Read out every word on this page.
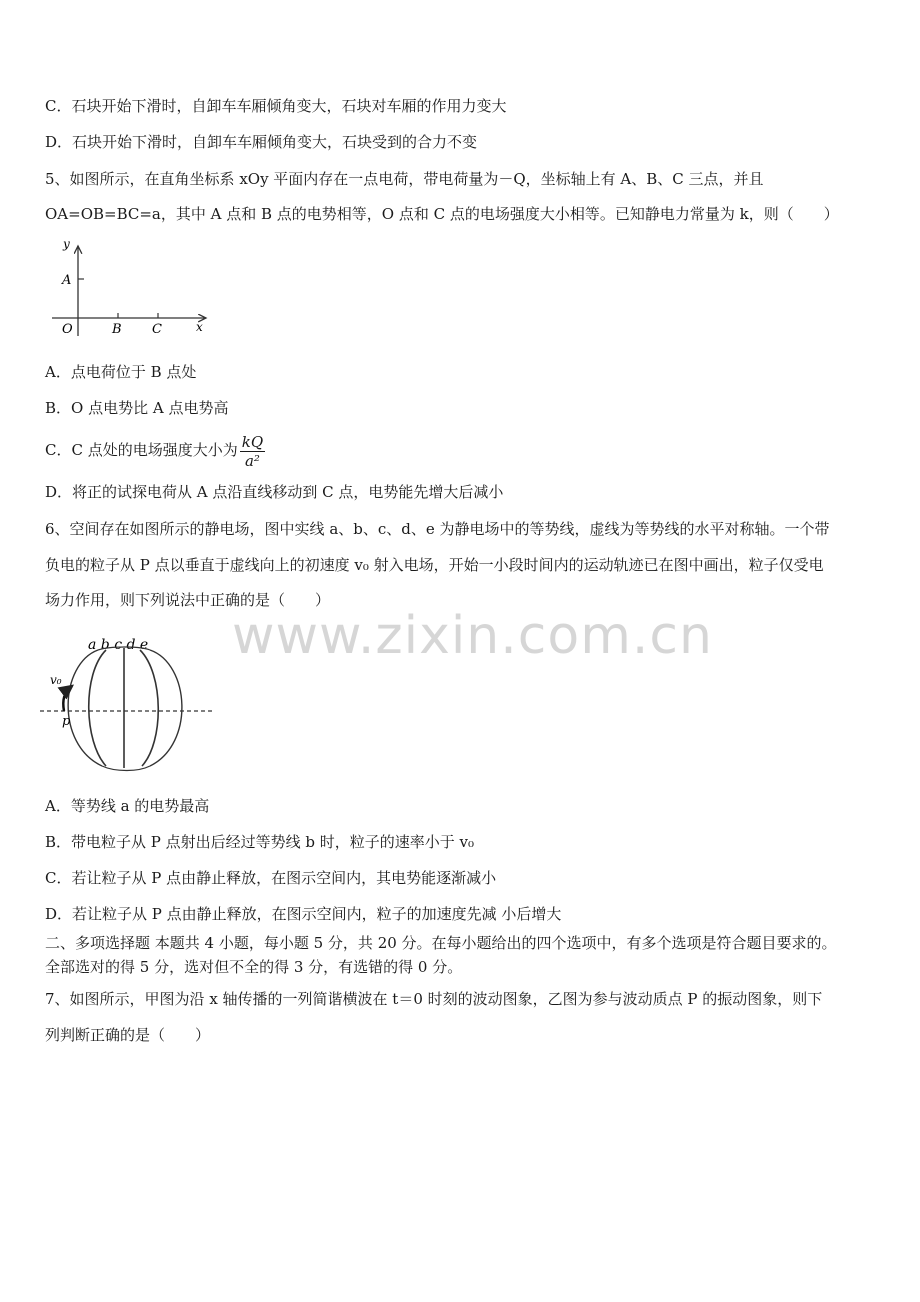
www.zixin.com.cn
C．石块开始下滑时，自卸车车厢倾角变大，石块对车厢的作用力变大
D．石块开始下滑时，自卸车车厢倾角变大，石块受到的合力不变
5、如图所示，在直角坐标系 xOy 平面内存在一点电荷，带电荷量为－Q，坐标轴上有 A、B、C 三点，并且
OA=OB=BC=a，其中 A 点和 B 点的电势相等，O 点和 C 点的电场强度大小相等。已知静电力常量为 k，则（　　）
y
A
O	B C	x
A．点电荷位于 B 点处
B．O 点电势比 A 点电势高
C．C 点处的电场强度大小为 $\frac{kQ}{\text{a²}}$
D．将正的试探电荷从 A 点沿直线移动到 C 点，电势能先增大后减小
6、空间存在如图所示的静电场，图中实线 a、b、c、d、e 为静电场中的等势线，虚线为等势线的水平对称轴。一个带
负电的粒子从 P 点以垂直于虚线向上的初速度 v₀ 射入电场，开始一小段时间内的运动轨迹已在图中画出，粒子仅受电
场力作用，则下列说法中正确的是（　　）
a b c d e
v₀
p
A．等势线 a 的电势最高
B．带电粒子从 P 点射出后经过等势线 b 时，粒子的速率小于 v₀
C．若让粒子从 P 点由静止释放，在图示空间内，其电势能逐渐减小
D．若让粒子从 P 点由静止释放，在图示空间内，粒子的加速度先减 小后增大
二、多项选择题 本题共 4 小题，每小题 5 分，共 20 分。在每小题给出的四个选项中，有多个选项是符合题目要求的。
全部选对的得 5 分，选对但不全的得 3 分，有选错的得 0 分。
7、如图所示，甲图为沿 x 轴传播的一列简谐横波在 t＝0 时刻的波动图象，乙图为参与波动质点 P 的振动图象，则下
列判断正确的是（　　）
